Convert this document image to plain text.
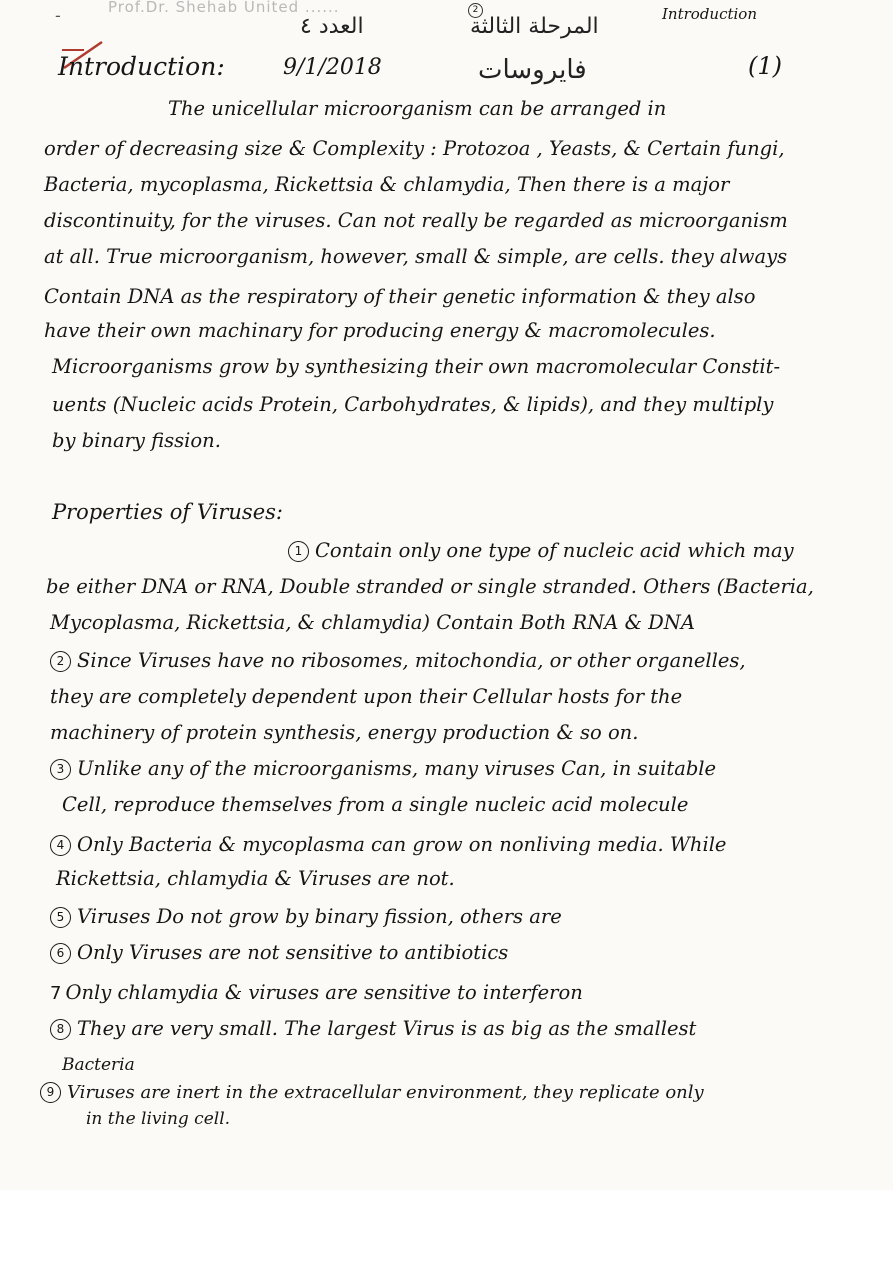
-	Prof.Dr. Shehab United ......
العدد ٤
2
المرحلة الثالثة	Introduction
Introduction:	9/1/2018	فايروسات	(1)
The unicellular microorganism can be arranged in
order of decreasing size & Complexity : Protozoa , Yeasts, & Certain fungi,
Bacteria, mycoplasma, Rickettsia & chlamydia, Then there is a major
discontinuity, for the viruses. Can not really be regarded as microorganism
at all. True microorganism, however, small & simple, are cells. they always
Contain DNA as the respiratory of their genetic information & they also
have their own machinary for producing energy & macromolecules.
Microorganisms grow by synthesizing their own macromolecular Constit-
uents (Nucleic acids Protein, Carbohydrates, & lipids), and they multiply
by binary fission.
Properties of Viruses:
1 Contain only one type of nucleic acid which may
be either DNA or RNA, Double stranded or single stranded. Others (Bacteria,
Mycoplasma, Rickettsia, & chlamydia) Contain Both RNA & DNA
2 Since Viruses have no ribosomes, mitochondia, or other organelles,
they are completely dependent upon their Cellular hosts for the
machinery of protein synthesis, energy production & so on.
3 Unlike any of the microorganisms, many viruses Can, in suitable
Cell, reproduce themselves from a single nucleic acid molecule
4 Only Bacteria & mycoplasma can grow on nonliving media. While
Rickettsia, chlamydia & Viruses are not.
5 Viruses Do not grow by binary fission, others are
6 Only Viruses are not sensitive to antibiotics
7 Only chlamydia & viruses are sensitive to interferon
8 They are very small. The largest Virus is as big as the smallest
Bacteria
9 Viruses are inert in the extracellular environment, they replicate only
in the living cell.
